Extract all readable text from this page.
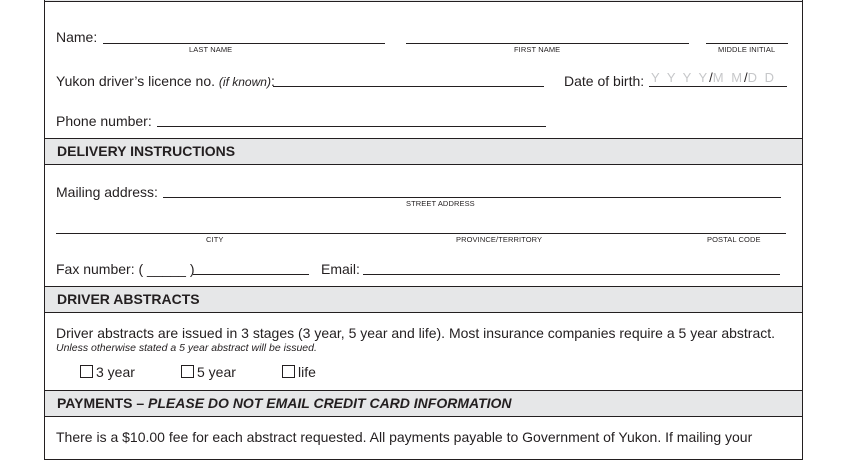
Name:
LAST NAME	FIRST NAME	MIDDLE INITIAL
Yukon driver’s licence no. (if known):	Date of birth: Y Y Y Y/M M/D D
Phone number:
DELIVERY INSTRUCTIONS
Mailing address:
STREET ADDRESS
CITY	PROVINCE/TERRITORY	POSTAL CODE
Fax number: ( _____ )	Email:
DRIVER ABSTRACTS
Driver abstracts are issued in 3 stages (3 year, 5 year and life). Most insurance companies require a 5 year abstract.
Unless otherwise stated a 5 year abstract will be issued.
3 year	5 year	life
PAYMENTS – PLEASE DO NOT EMAIL CREDIT CARD INFORMATION
There is a $10.00 fee for each abstract requested. All payments payable to Government of Yukon. If mailing your
